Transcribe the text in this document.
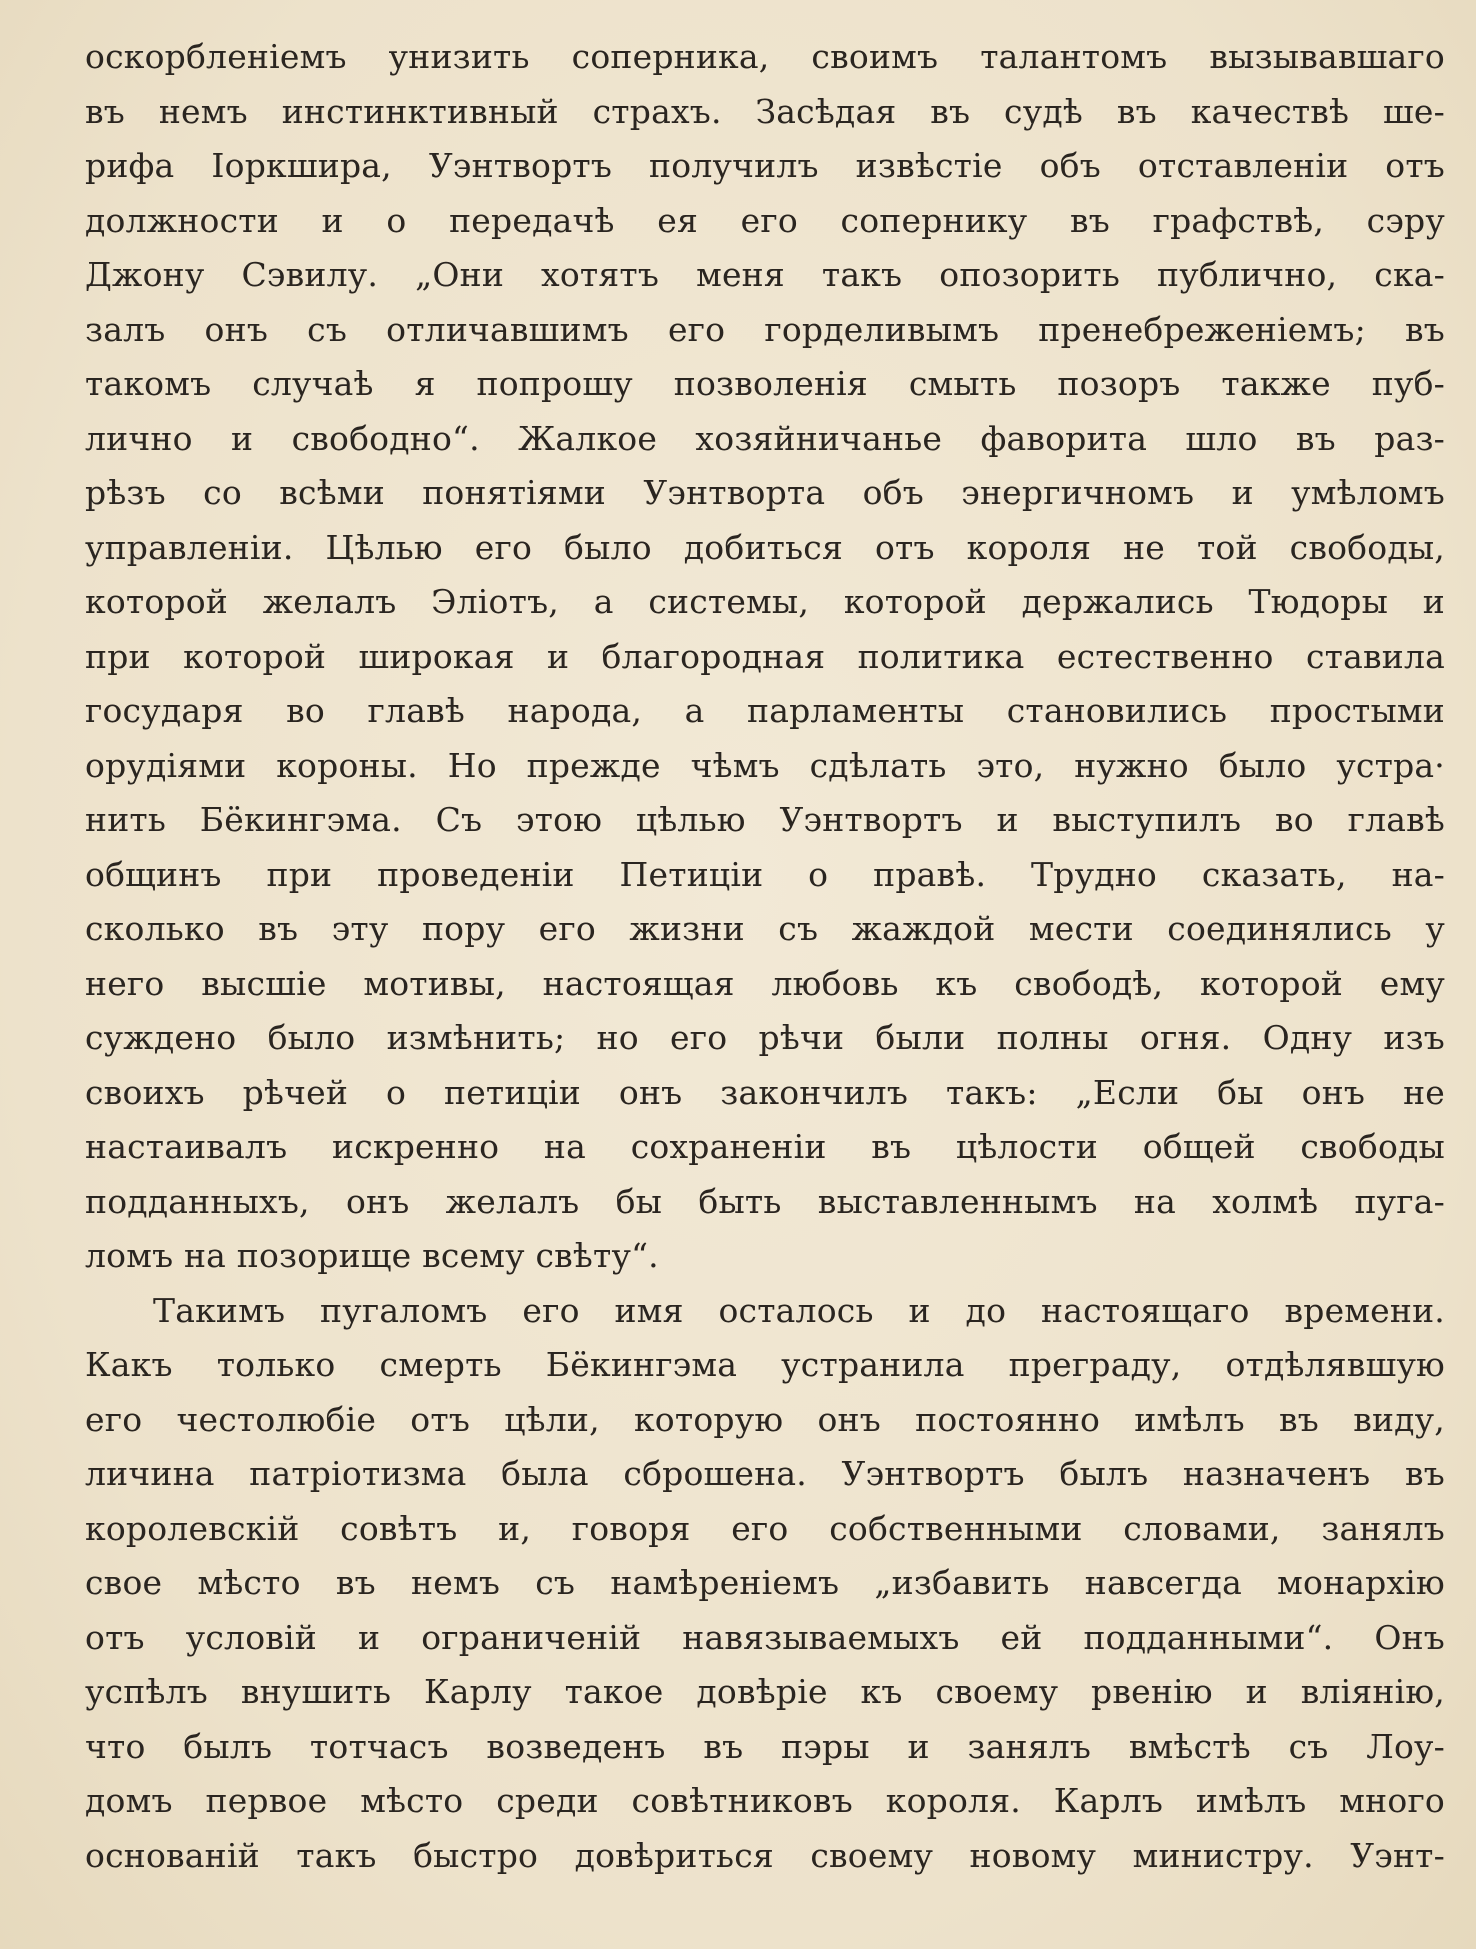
оскорбленіемъ унизить соперника, своимъ талантомъ вызывавшаго
въ немъ инстинктивный страхъ. Засѣдая въ судѣ въ качествѣ ше-
рифа Іоркшира, Уэнтвортъ получилъ извѣстіе объ отставленіи отъ
должности и о передачѣ ея его сопернику въ графствѣ, сэру
Джону Сэвилу. „Они хотятъ меня такъ опозорить публично, ска-
залъ онъ съ отличавшимъ его горделивымъ пренебреженіемъ; въ
такомъ случаѣ я попрошу позволенія смыть позоръ также пуб-
лично и свободно“. Жалкое хозяйничанье фаворита шло въ раз-
рѣзъ со всѣми понятіями Уэнтворта объ энергичномъ и умѣломъ
управленіи. Цѣлью его было добиться отъ короля не той свободы,
которой желалъ Эліотъ, а системы, которой держались Тюдоры и
при которой широкая и благородная политика естественно ставила
государя во главѣ народа, а парламенты становились простыми
орудіями короны. Но прежде чѣмъ сдѣлать это, нужно было устра·
нить Бёкингэма. Съ этою цѣлью Уэнтвортъ и выступилъ во главѣ
общинъ при проведеніи Петиціи о правѣ. Трудно сказать, на-
сколько въ эту пору его жизни съ жаждой мести соединялись у
него высшіе мотивы, настоящая любовь къ свободѣ, которой ему
суждено было измѣнить; но его рѣчи были полны огня. Одну изъ
своихъ рѣчей о петиціи онъ закончилъ такъ: „Если бы онъ не
настаивалъ искренно на сохраненіи въ цѣлости общей свободы
подданныхъ, онъ желалъ бы быть выставленнымъ на холмѣ пуга-
ломъ на позорище всему свѣту“.
Такимъ пугаломъ его имя осталось и до настоящаго времени.
Какъ только смерть Бёкингэма устранила преграду, отдѣлявшую
его честолюбіе отъ цѣли, которую онъ постоянно имѣлъ въ виду,
личина патріотизма была сброшена. Уэнтвортъ былъ назначенъ въ
королевскій совѣтъ и, говоря его собственными словами, занялъ
свое мѣсто въ немъ съ намѣреніемъ „избавить навсегда монархію
отъ условій и ограниченій навязываемыхъ ей подданными“. Онъ
успѣлъ внушить Карлу такое довѣріе къ своему рвенію и вліянію,
что былъ тотчасъ возведенъ въ пэры и занялъ вмѣстѣ съ Лоу-
домъ первое мѣсто среди совѣтниковъ короля. Карлъ имѣлъ много
основаній такъ быстро довѣриться своему новому министру. Уэнт-
